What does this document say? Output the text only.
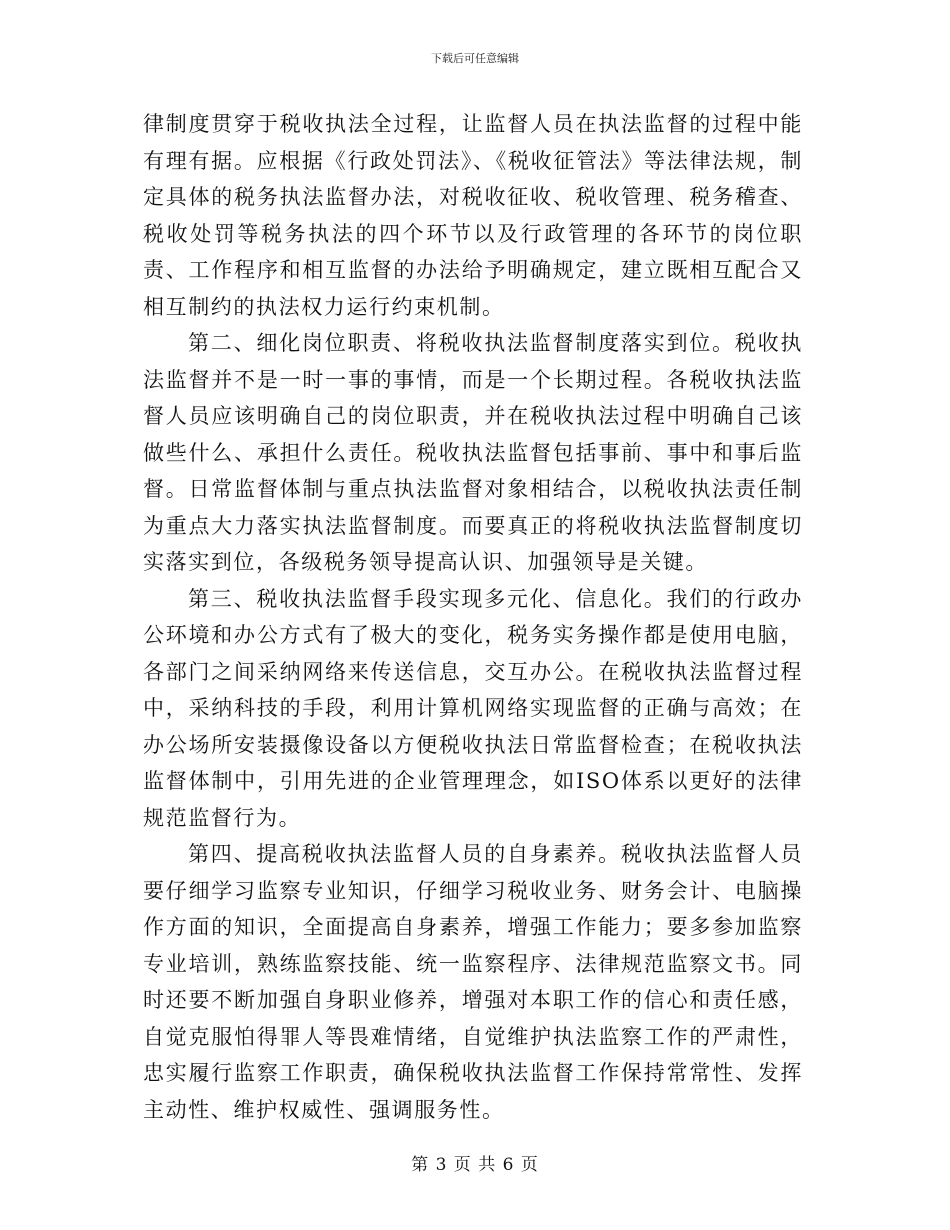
下载后可任意编辑

律制度贯穿于税收执法全过程，让监督人员在执法监督的过程中能有理有据。应根据《行政处罚法》、《税收征管法》等法律法规，制定具体的税务执法监督办法，对税收征收、税收管理、税务稽查、税收处罚等税务执法的四个环节以及行政管理的各环节的岗位职责、工作程序和相互监督的办法给予明确规定，建立既相互配合又相互制约的执法权力运行约束机制。

第二、细化岗位职责、将税收执法监督制度落实到位。税收执法监督并不是一时一事的事情，而是一个长期过程。各税收执法监督人员应该明确自己的岗位职责，并在税收执法过程中明确自己该做些什么、承担什么责任。税收执法监督包括事前、事中和事后监督。日常监督体制与重点执法监督对象相结合，以税收执法责任制为重点大力落实执法监督制度。而要真正的将税收执法监督制度切实落实到位，各级税务领导提高认识、加强领导是关键。

第三、税收执法监督手段实现多元化、信息化。我们的行政办公环境和办公方式有了极大的变化，税务实务操作都是使用电脑，各部门之间采纳网络来传送信息，交互办公。在税收执法监督过程中，采纳科技的手段，利用计算机网络实现监督的正确与高效；在办公场所安装摄像设备以方便税收执法日常监督检查；在税收执法监督体制中，引用先进的企业管理理念，如ISO体系以更好的法律规范监督行为。

第四、提高税收执法监督人员的自身素养。税收执法监督人员要仔细学习监察专业知识，仔细学习税收业务、财务会计、电脑操作方面的知识，全面提高自身素养，增强工作能力；要多参加监察专业培训，熟练监察技能、统一监察程序、法律规范监察文书。同时还要不断加强自身职业修养，增强对本职工作的信心和责任感，自觉克服怕得罪人等畏难情绪，自觉维护执法监察工作的严肃性，忠实履行监察工作职责，确保税收执法监督工作保持常常性、发挥主动性、维护权威性、强调服务性。

第 3 页 共 6 页
